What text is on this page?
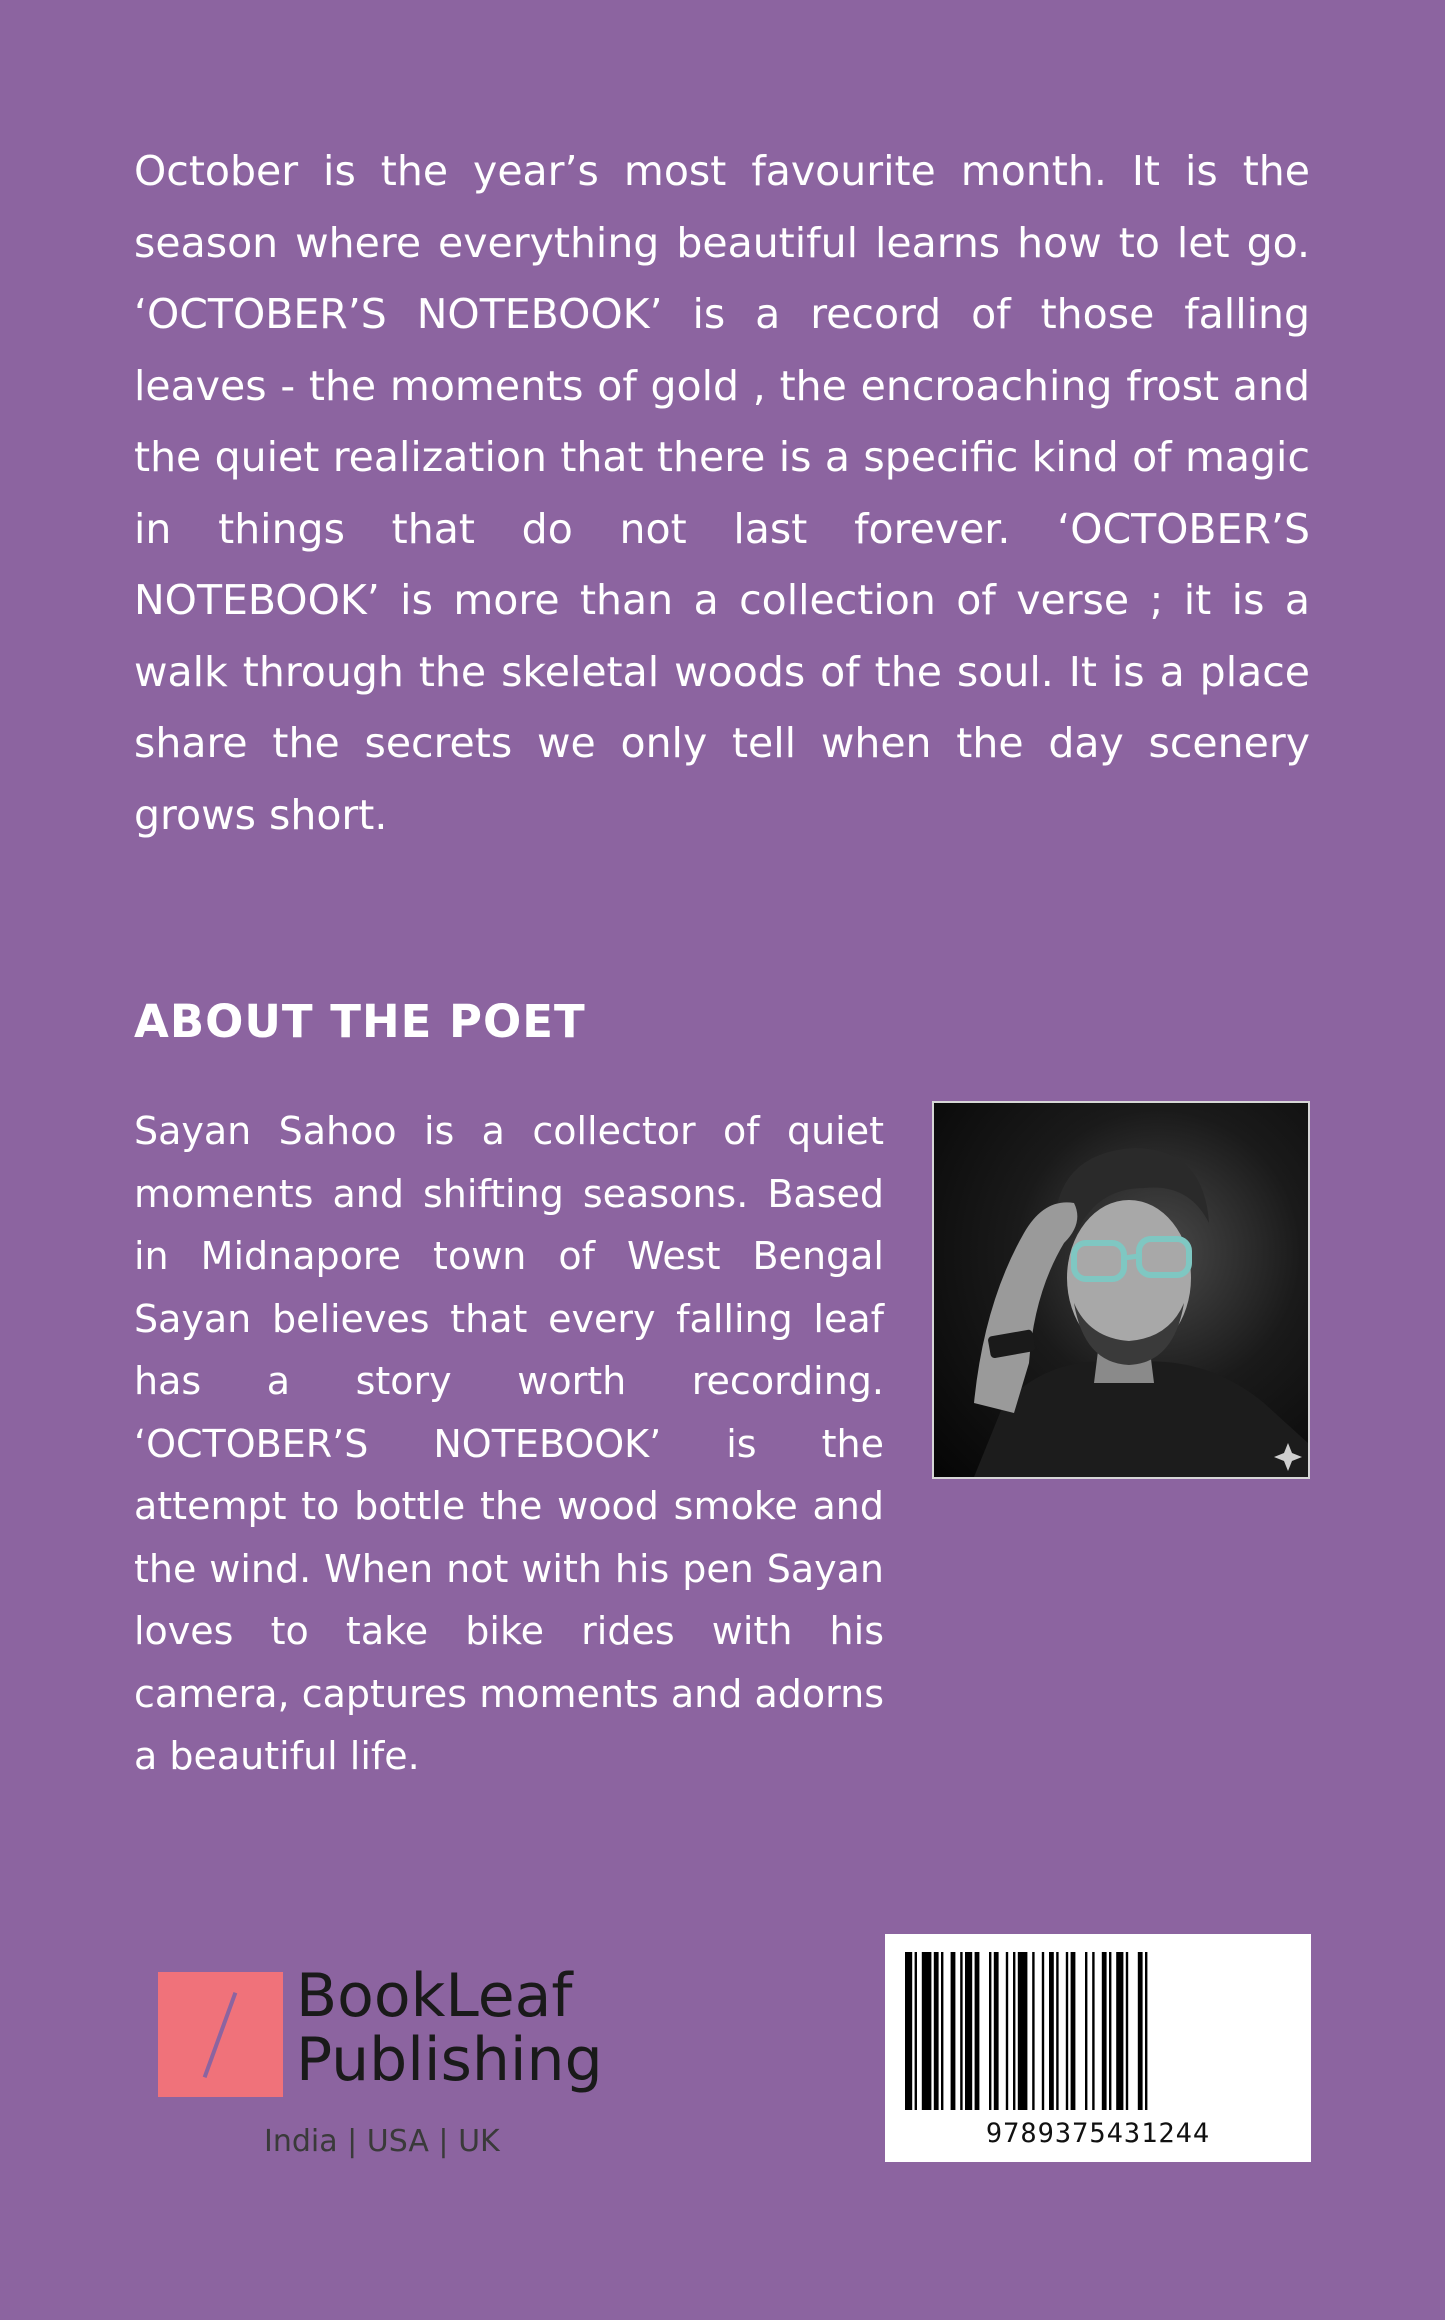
October is the year’s most favourite month. It is the season where everything beautiful learns how to let go. ‘OCTOBER’S NOTEBOOK’ is a record of those falling leaves - the moments of gold , the encroaching frost and the quiet realization that there is a specific kind of magic in things that do not last forever. ‘OCTOBER’S NOTEBOOK’ is more than a collection of verse ; it is a walk through the skeletal woods of the soul. It is a place share the secrets we only tell when the day scenery grows short.

ABOUT THE POET

Sayan Sahoo is a collector of quiet moments and shifting seasons. Based in Midnapore town of West Bengal Sayan believes that every falling leaf has a story worth recording. ‘OCTOBER’S NOTEBOOK’ is the attempt to bottle the wood smoke and the wind. When not with his pen Sayan loves to take bike rides with his camera, captures moments and adorns a beautiful life.

BookLeaf
Publishing

India | USA | UK	9789375431244
